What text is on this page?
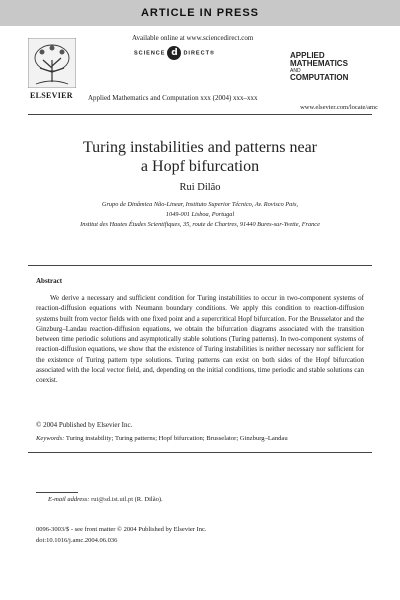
ARTICLE IN PRESS
ELSEVIER
Available online at www.sciencedirect.com
SCIENCE d DIRECT®
Applied Mathematics and Computation xxx (2004) xxx–xxx
APPLIED
MATHEMATICS
AND
COMPUTATION
www.elsevier.com/locate/amc
Turing instabilities and patterns near
a Hopf bifurcation
Rui Dilão
Grupo de Dinâmica Não-Linear, Instituto Superior Técnico, Av. Rovisco Pais,
1049-001 Lisboa, Portugal
Institut des Hautes Études Scientifiques, 35, route de Chartres, 91440 Bures-sur-Yvette, France
Abstract
We derive a necessary and sufficient condition for Turing instabilities to occur in two-component systems of reaction-diffusion equations with Neumann boundary conditions. We apply this condition to reaction-diffusion systems built from vector fields with one fixed point and a supercritical Hopf bifurcation. For the Brusselator and the Ginzburg–Landau reaction-diffusion equations, we obtain the bifurcation diagrams associated with the transition between time periodic solutions and asymptotically stable solutions (Turing patterns). In two-component systems of reaction-diffusion equations, we show that the existence of Turing instabilities is neither necessary nor sufficient for the existence of Turing pattern type solutions. Turing patterns can exist on both sides of the Hopf bifurcation associated with the local vector field, and, depending on the initial conditions, time periodic and stable solutions can coexist.
© 2004 Published by Elsevier Inc.
Keywords: Turing instability; Turing patterns; Hopf bifurcation; Brusselator; Ginzburg–Landau
E-mail address: rui@sd.ist.utl.pt (R. Dilão).
0096-3003/$ - see front matter © 2004 Published by Elsevier Inc.
doi:10.1016/j.amc.2004.06.036
